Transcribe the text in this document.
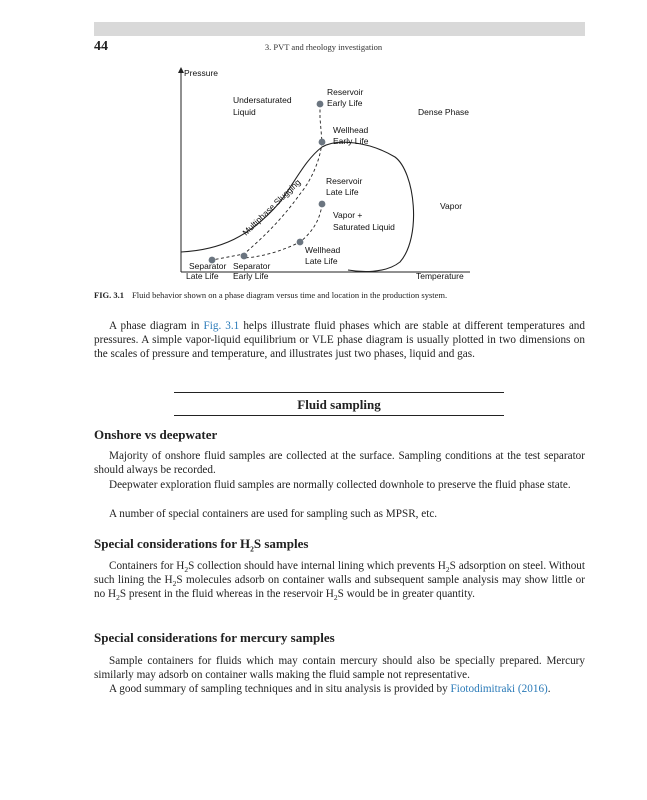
44	3. PVT and rheology investigation
Pressure
Temperature
Undersaturated
Liquid	Dense Phase
Vapor
Vapor +
Saturated Liquid
Multiphase Slugging
Reservoir
Early Life
Wellhead
Early Life
Reservoir
Late Life
Wellhead
Late Life
Separator
Late Life
Separator
Early Life
FIG. 3.1 Fluid behavior shown on a phase diagram versus time and location in the production system.

A phase diagram in Fig. 3.1 helps illustrate fluid phases which are stable at different temperatures and pressures. A simple vapor-liquid equilibrium or VLE phase diagram is usually plotted in two dimensions on the scales of pressure and temperature, and illustrates just two phases, liquid and gas.

Fluid sampling
Onshore vs deepwater

Majority of onshore fluid samples are collected at the surface. Sampling conditions at the test separator should always be recorded.

Deepwater exploration fluid samples are normally collected downhole to preserve the fluid phase state.

A number of special containers are used for sampling such as MPSR, etc.

Special considerations for $H_2S$ samples

Containers for $H_2S$ collection should have internal lining which prevents $H_2S$ adsorption on steel. Without such lining the $H_2S$ molecules adsorb on container walls and subsequent sample analysis may show little or no $H_2S$ present in the fluid whereas in the reservoir $H_2S$ would be in greater quantity.

Special considerations for mercury samples

Sample containers for fluids which may contain mercury should also be specially prepared. Mercury similarly may adsorb on container walls making the fluid sample not representative.

A good summary of sampling techniques and in situ analysis is provided by Fiotodimitraki (2016).
